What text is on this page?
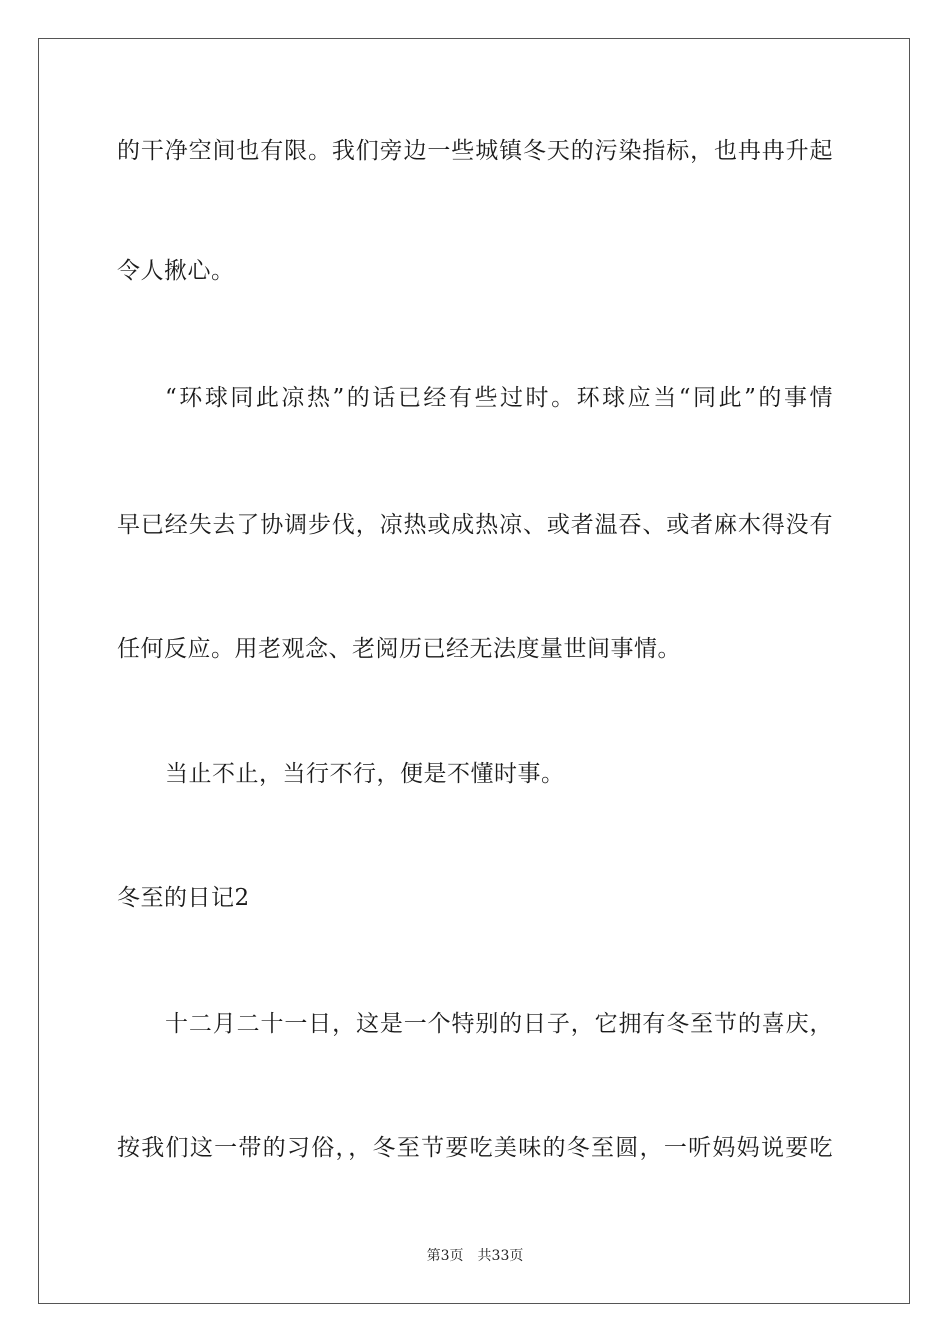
的干净空间也有限。我们旁边一些城镇冬天的污染指标，也冉冉升起
令人揪心。
“环球同此凉热”的话已经有些过时。环球应当“同此”的事情
早已经失去了协调步伐，凉热或成热凉、或者温吞、或者麻木得没有
任何反应。用老观念、老阅历已经无法度量世间事情。
当止不止，当行不行，便是不懂时事。
冬至的日记2
十二月二十一日，这是一个特别的日子，它拥有冬至节的喜庆，
按我们这一带的习俗，，冬至节要吃美味的冬至圆，一听妈妈说要吃
第3页 共33页
